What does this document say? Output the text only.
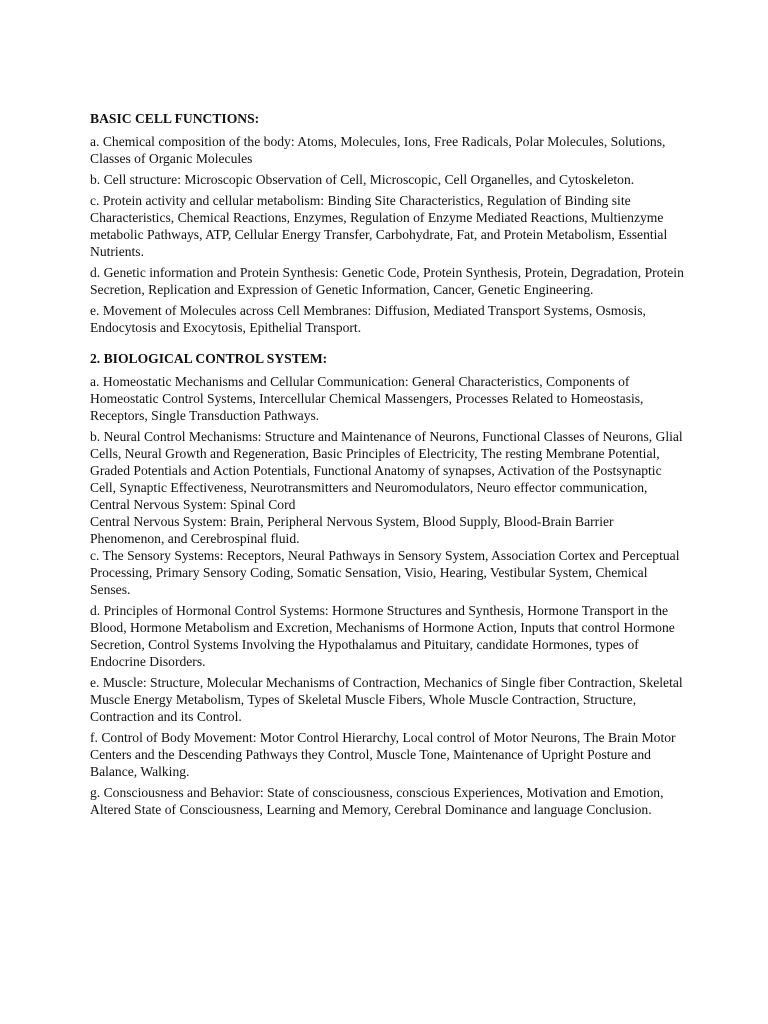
BASIC CELL FUNCTIONS:
a. Chemical composition of the body: Atoms, Molecules, Ions, Free Radicals, Polar Molecules, Solutions, Classes of Organic Molecules
b. Cell structure: Microscopic Observation of Cell, Microscopic, Cell Organelles, and Cytoskeleton.
c. Protein activity and cellular metabolism: Binding Site Characteristics, Regulation of Binding site Characteristics, Chemical Reactions, Enzymes, Regulation of Enzyme Mediated Reactions, Multienzyme metabolic Pathways, ATP, Cellular Energy Transfer, Carbohydrate, Fat, and Protein Metabolism, Essential Nutrients.
d. Genetic information and Protein Synthesis: Genetic Code, Protein Synthesis, Protein, Degradation, Protein Secretion, Replication and Expression of Genetic Information, Cancer, Genetic Engineering.
e. Movement of Molecules across Cell Membranes: Diffusion, Mediated Transport Systems, Osmosis, Endocytosis and Exocytosis, Epithelial Transport.
2. BIOLOGICAL CONTROL SYSTEM:
a. Homeostatic Mechanisms and Cellular Communication: General Characteristics, Components of Homeostatic Control Systems, Intercellular Chemical Massengers, Processes Related to Homeostasis, Receptors, Single Transduction Pathways.
b. Neural Control Mechanisms: Structure and Maintenance of Neurons, Functional Classes of Neurons, Glial Cells, Neural Growth and Regeneration, Basic Principles of Electricity, The resting Membrane Potential, Graded Potentials and Action Potentials, Functional Anatomy of synapses, Activation of the Postsynaptic Cell, Synaptic Effectiveness, Neurotransmitters and Neuromodulators, Neuro effector communication, Central Nervous System: Spinal Cord
Central Nervous System: Brain, Peripheral Nervous System, Blood Supply, Blood-Brain Barrier Phenomenon, and Cerebrospinal fluid.
c. The Sensory Systems: Receptors, Neural Pathways in Sensory System, Association Cortex and Perceptual Processing, Primary Sensory Coding, Somatic Sensation, Visio, Hearing, Vestibular System, Chemical Senses.
d. Principles of Hormonal Control Systems: Hormone Structures and Synthesis, Hormone Transport in the Blood, Hormone Metabolism and Excretion, Mechanisms of Hormone Action, Inputs that control Hormone Secretion, Control Systems Involving the Hypothalamus and Pituitary, candidate Hormones, types of Endocrine Disorders.
e. Muscle: Structure, Molecular Mechanisms of Contraction, Mechanics of Single fiber Contraction, Skeletal Muscle Energy Metabolism, Types of Skeletal Muscle Fibers, Whole Muscle Contraction, Structure, Contraction and its Control.
f. Control of Body Movement: Motor Control Hierarchy, Local control of Motor Neurons, The Brain Motor Centers and the Descending Pathways they Control, Muscle Tone, Maintenance of Upright Posture and Balance, Walking.
g. Consciousness and Behavior: State of consciousness, conscious Experiences, Motivation and Emotion, Altered State of Consciousness, Learning and Memory, Cerebral Dominance and language Conclusion.
